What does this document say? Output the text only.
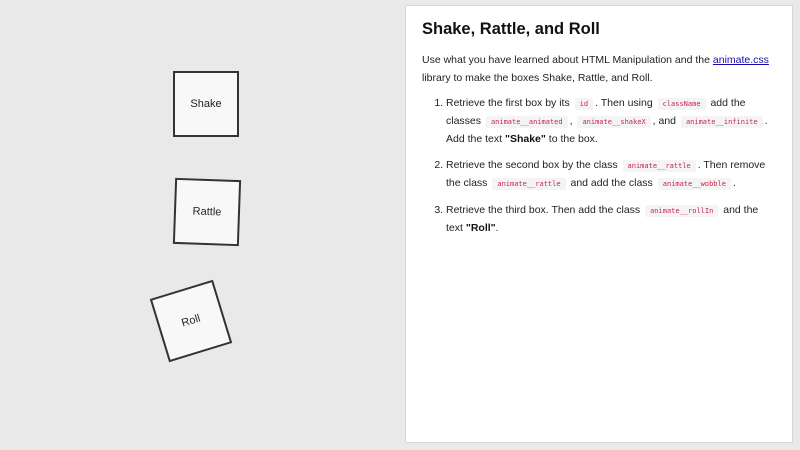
Shake
Rattle
Roll
Shake, Rattle, and Roll

Use what you have learned about HTML Manipulation and the animate.css library to make the boxes Shake, Rattle, and Roll.

1. Retrieve the first box by its id . Then using className add the classes animate__animated , animate__shakeX , and animate__infinite . Add the text "Shake" to the box.
2. Retrieve the second box by the class animate__rattle . Then remove the class animate__rattle and add the class animate__wobble .
3. Retrieve the third box. Then add the class animate__rollIn and the text "Roll".
